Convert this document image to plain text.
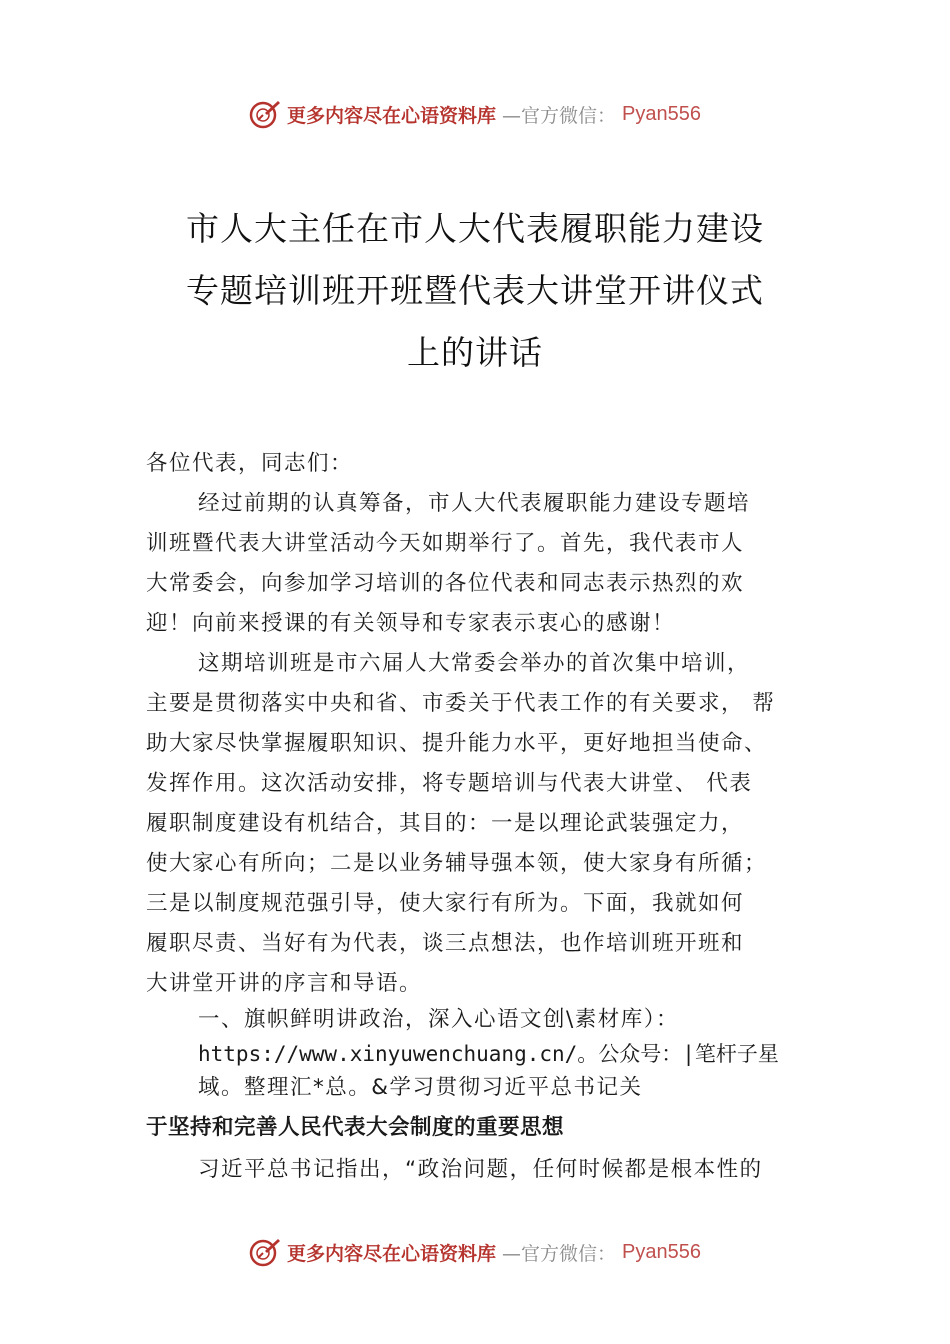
更多内容尽在心语资料库 —官方微信： Pyan556
市人大主任在市人大代表履职能力建设
专题培训班开班暨代表大讲堂开讲仪式
上的讲话
各位代表，同志们：
经过前期的认真筹备，市人大代表履职能力建设专题培
训班暨代表大讲堂活动今天如期举行了。首先，我代表市人
大常委会，向参加学习培训的各位代表和同志表示热烈的欢
迎！向前来授课的有关领导和专家表示衷心的感谢！
这期培训班是市六届人大常委会举办的首次集中培训，
主要是贯彻落实中央和省、市委关于代表工作的有关要求， 帮
助大家尽快掌握履职知识、提升能力水平，更好地担当使命、
发挥作用。这次活动安排，将专题培训与代表大讲堂、 代表
履职制度建设有机结合，其目的：一是以理论武装强定力，
使大家心有所向；二是以业务辅导强本领，使大家身有所循；
三是以制度规范强引导，使大家行有所为。下面，我就如何
履职尽责、当好有为代表，谈三点想法，也作培训班开班和
大讲堂开讲的序言和导语。
一、旗帜鲜明讲政治，深入心语文创\素材库）：
https://www.xinyuwenchuang.cn/。公众号：|笔杆子星
域。整理汇*总。&学习贯彻习近平总书记关
于坚持和完善人民代表大会制度的重要思想
习近平总书记指出，“政治问题，任何时候都是根本性的
更多内容尽在心语资料库 —官方微信： Pyan556
